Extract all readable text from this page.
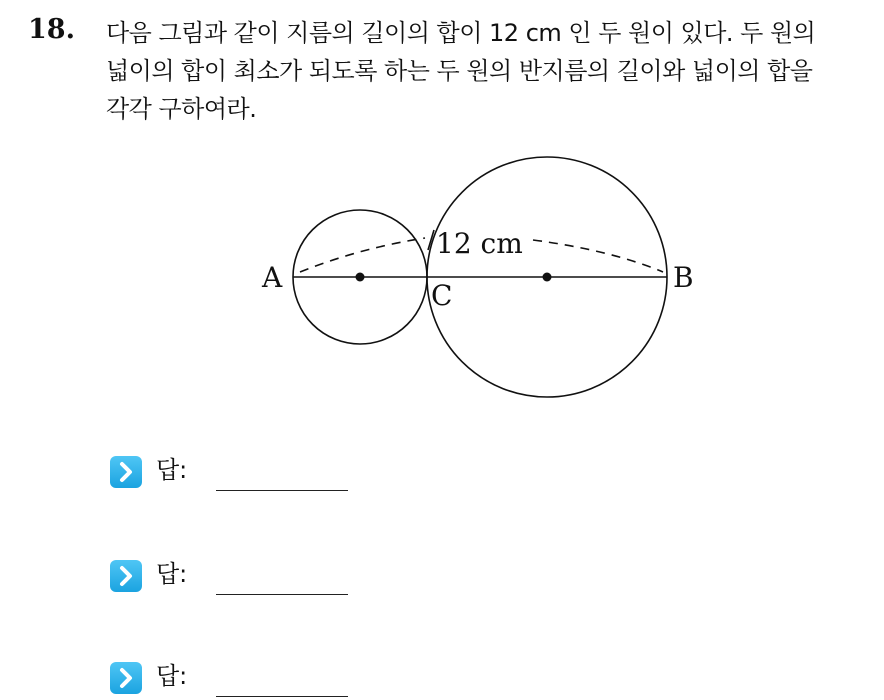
18. 다음 그림과 같이 지름의 길이의 합이 12 cm 인 두 원이 있다. 두 원의
넓이의 합이 최소가 되도록 하는 두 원의 반지름의 길이와 넓이의 합을
각각 구하여라.
12 cm
A	B
C
답:
답:
답:
